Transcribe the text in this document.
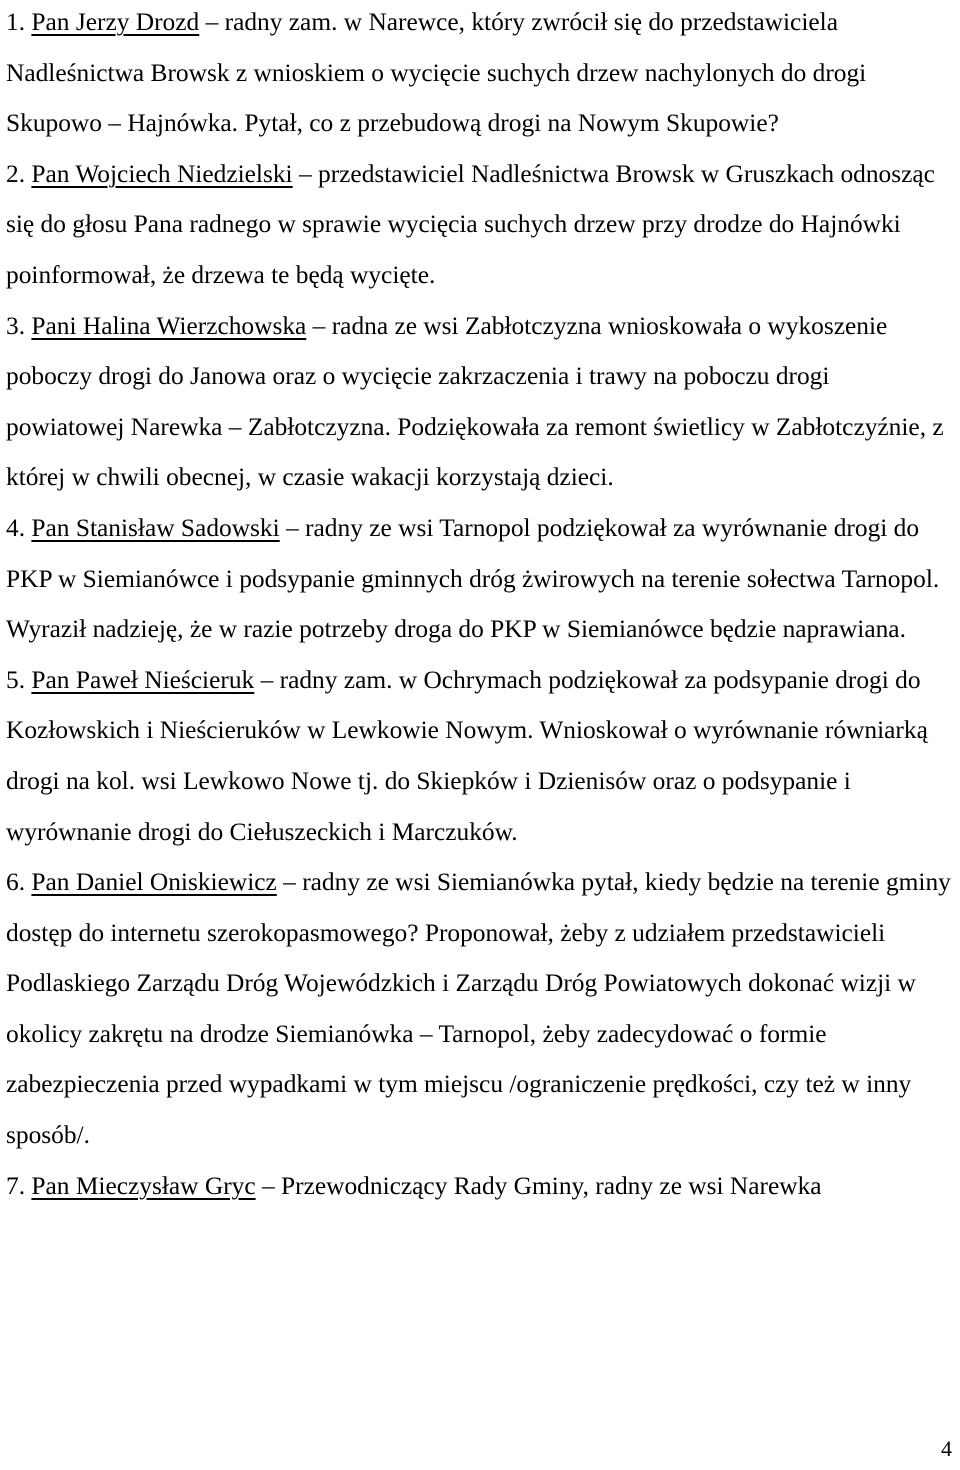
1. Pan Jerzy Drozd – radny zam. w Narewce, który zwrócił się do przedstawiciela Nadleśnictwa Browsk z wnioskiem o wycięcie suchych drzew nachylonych do drogi Skupowo – Hajnówka. Pytał, co z przebudową drogi na Nowym Skupowie?

2. Pan Wojciech Niedzielski – przedstawiciel Nadleśnictwa Browsk w Gruszkach odnosząc się do głosu Pana radnego w sprawie wycięcia suchych drzew przy drodze do Hajnówki poinformował, że drzewa te będą wycięte.

3. Pani Halina Wierzchowska – radna ze wsi Zabłotczyzna wnioskowała o wykoszenie poboczy drogi do Janowa oraz o wycięcie zakrzaczenia i trawy na poboczu drogi powiatowej Narewka – Zabłotczyzna. Podziękowała za remont świetlicy w Zabłotczyźnie, z której w chwili obecnej, w czasie wakacji korzystają dzieci.

4. Pan Stanisław Sadowski – radny ze wsi Tarnopol podziękował za wyrównanie drogi do PKP w Siemianówce i podsypanie gminnych dróg żwirowych na terenie sołectwa Tarnopol. Wyraził nadzieję, że w razie potrzeby droga do PKP w Siemianówce będzie naprawiana.

5. Pan Paweł Nieścieruk – radny zam. w Ochrymach podziękował za podsypanie drogi do Kozłowskich i Nieścieruków w Lewkowie Nowym. Wnioskował o wyrównanie równiarką drogi na kol. wsi Lewkowo Nowe tj. do Skiepków i Dzienisów oraz o podsypanie i wyrównanie drogi do Ciełuszeckich i Marczuków.

6. Pan Daniel Oniskiewicz – radny ze wsi Siemianówka pytał, kiedy będzie na terenie gminy dostęp do internetu szerokopasmowego? Proponował, żeby z udziałem przedstawicieli Podlaskiego Zarządu Dróg Wojewódzkich i Zarządu Dróg Powiatowych dokonać wizji w okolicy zakrętu na drodze Siemianówka – Tarnopol, żeby zadecydować o formie zabezpieczenia przed wypadkami w tym miejscu /ograniczenie prędkości, czy też w inny sposób/.

7. Pan Mieczysław Gryc – Przewodniczący Rady Gminy, radny ze wsi Narewka

4
